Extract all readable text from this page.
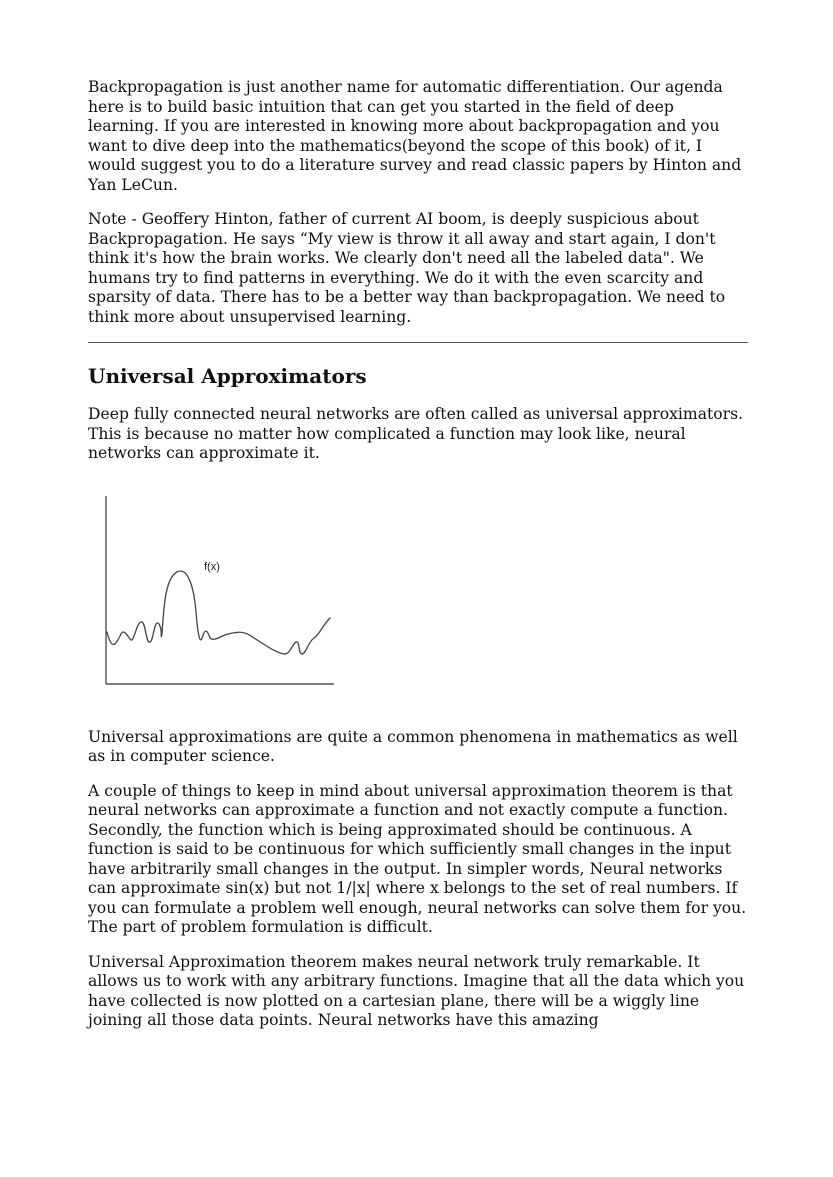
Backpropagation is just another name for automatic differentiation. Our agenda here is to build basic intuition that can get you started in the field of deep learning. If you are interested in knowing more about backpropagation and you want to dive deep into the mathematics(beyond the scope of this book) of it, I would suggest you to do a literature survey and read classic papers by Hinton and Yan LeCun.

Note - Geoffery Hinton, father of current AI boom, is deeply suspicious about Backpropagation. He says “My view is throw it all away and start again, I don't think it's how the brain works. We clearly don't need all the labeled data". We humans try to find patterns in everything. We do it with the even scarcity and sparsity of data. There has to be a better way than backpropagation. We need to think more about unsupervised learning.

Universal Approximators

Deep fully connected neural networks are often called as universal approximators. This is because no matter how complicated a function may look like, neural networks can approximate it.

f(x)

Universal approximations are quite a common phenomena in mathematics as well as in computer science.

A couple of things to keep in mind about universal approximation theorem is that neural networks can approximate a function and not exactly compute a function. Secondly, the function which is being approximated should be continuous. A function is said to be continuous for which sufficiently small changes in the input have arbitrarily small changes in the output. In simpler words, Neural networks can approximate sin(x) but not 1/|x| where x belongs to the set of real numbers. If you can formulate a problem well enough, neural networks can solve them for you. The part of problem formulation is difficult.

Universal Approximation theorem makes neural network truly remarkable. It allows us to work with any arbitrary functions. Imagine that all the data which you have collected is now plotted on a cartesian plane, there will be a wiggly line joining all those data points. Neural networks have this amazing
